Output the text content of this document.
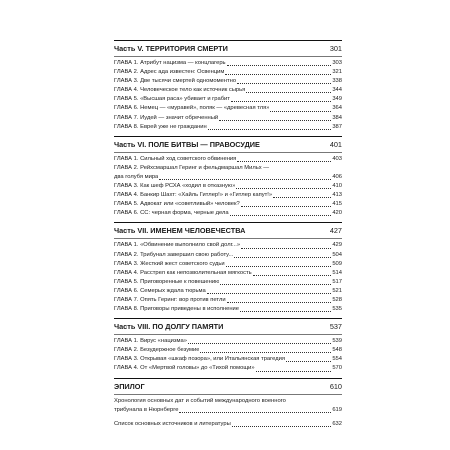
Часть V. ТЕРРИТОРИЯ СМЕРТИ	301
ГЛАВА 1. Атрибут нацизма — концлагерь	303
ГЛАВА 2. Адрес ада известен: Освенцим	321
ГЛАВА 3. Две тысячи смертей одномоментно	338
ГЛАВА 4. Человеческое тело как источник сырья	344
ГЛАВА 5. «Высшая раса» убивает и грабит	349
ГЛАВА 6. Немец — «муравей», поляк — «древесная тля»	364
ГЛАВА 7. Иудей — значит обреченный	384
ГЛАВА 8. Еврей уже не гражданин	387
Часть VI. ПОЛЕ БИТВЫ — ПРАВОСУДИЕ	401
ГЛАВА 1. Сильный ход советского обвинения	403
ГЛАВА 2. Рейхсмаршал Геринг и фельдмаршал Мильх —
два голубя мира	406
ГЛАВА 3. Как шеф РСХА «ходил в отказную»	410
ГЛАВА 4. Банкир Шахт: «Хайль Гитлер!» и «Гитлер капут!»	413
ГЛАВА 5. Адвокат или «советливый» человек?	415
ГЛАВА 6. СС: черная форма, черные дела	420
Часть VII. ИМЕНЕМ ЧЕЛОВЕЧЕСТВА	427
ГЛАВА 1. «Обвинение выполнило свой долг...»	429
ГЛАВА 2. Трибунал завершил свою работу...	504
ГЛАВА 3. Жесткий жест советского судьи	509
ГЛАВА 4. Расстрел как непозволительная мягкость	514
ГЛАВА 5. Приговоренные к повешению	517
ГЛАВА 6. Семерых ждала тюрьма	521
ГЛАВА 7. Опять Геринг: вор против петли	528
ГЛАВА 8. Приговоры приведены в исполнение	535
Часть VIII. ПО ДОЛГУ ПАМЯТИ	537
ГЛАВА 1. Вирус «нацизма»	539
ГЛАВА 2. Безудержное безумие	548
ГЛАВА 3. Открывая «шкаф позора», или Итальянская трагедия	554
ГЛАВА 4. От «Мертвой головы» до «Тихой помощи»	570
ЭПИЛОГ	610
Хронология основных дат и событий международного военного
трибунала в Нюрнберге	619
Список основных источников и литературы	632
